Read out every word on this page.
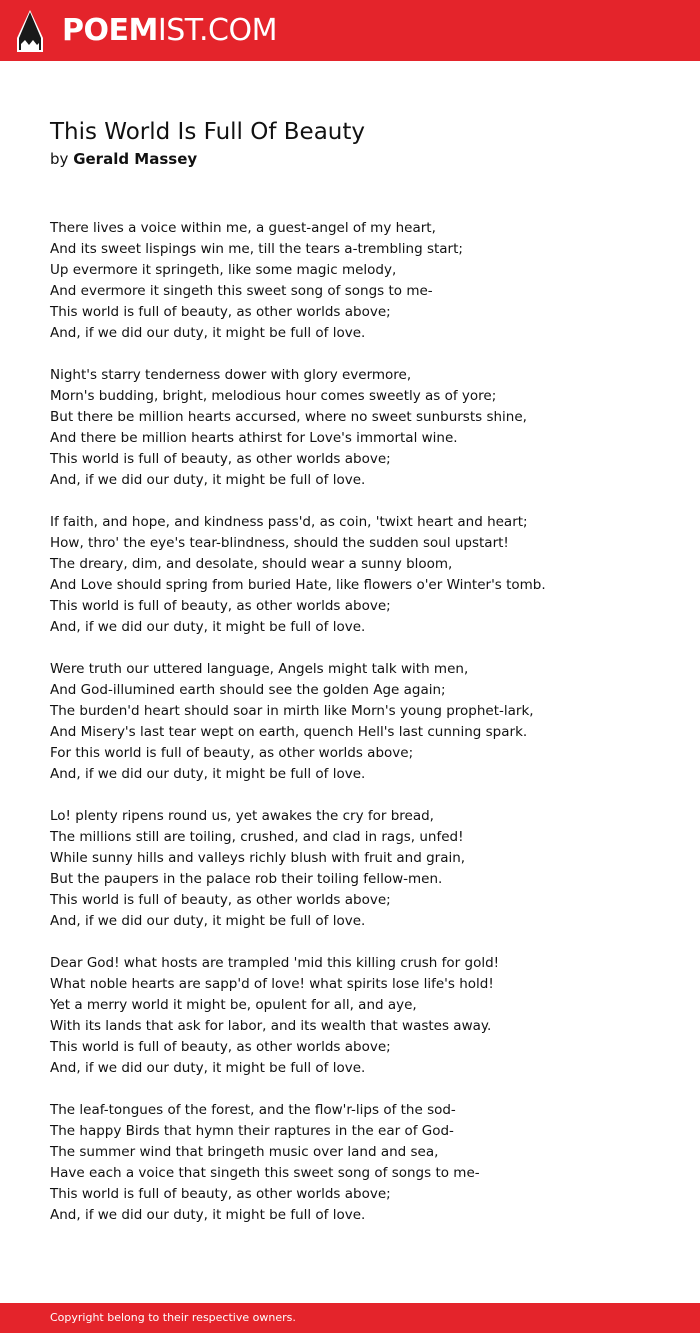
POEMIST.COM
This World Is Full Of Beauty
by Gerald Massey
There lives a voice within me, a guest-angel of my heart,
And its sweet lispings win me, till the tears a-trembling start;
Up evermore it springeth, like some magic melody,
And evermore it singeth this sweet song of songs to me-
This world is full of beauty, as other worlds above;
And, if we did our duty, it might be full of love.
Night's starry tenderness dower with glory evermore,
Morn's budding, bright, melodious hour comes sweetly as of yore;
But there be million hearts accursed, where no sweet sunbursts shine,
And there be million hearts athirst for Love's immortal wine.
This world is full of beauty, as other worlds above;
And, if we did our duty, it might be full of love.
If faith, and hope, and kindness pass'd, as coin, 'twixt heart and heart;
How, thro' the eye's tear-blindness, should the sudden soul upstart!
The dreary, dim, and desolate, should wear a sunny bloom,
And Love should spring from buried Hate, like flowers o'er Winter's tomb.
This world is full of beauty, as other worlds above;
And, if we did our duty, it might be full of love.
Were truth our uttered language, Angels might talk with men,
And God-illumined earth should see the golden Age again;
The burden'd heart should soar in mirth like Morn's young prophet-lark,
And Misery's last tear wept on earth, quench Hell's last cunning spark.
For this world is full of beauty, as other worlds above;
And, if we did our duty, it might be full of love.
Lo! plenty ripens round us, yet awakes the cry for bread,
The millions still are toiling, crushed, and clad in rags, unfed!
While sunny hills and valleys richly blush with fruit and grain,
But the paupers in the palace rob their toiling fellow-men.
This world is full of beauty, as other worlds above;
And, if we did our duty, it might be full of love.
Dear God! what hosts are trampled 'mid this killing crush for gold!
What noble hearts are sapp'd of love! what spirits lose life's hold!
Yet a merry world it might be, opulent for all, and aye,
With its lands that ask for labor, and its wealth that wastes away.
This world is full of beauty, as other worlds above;
And, if we did our duty, it might be full of love.
The leaf-tongues of the forest, and the flow'r-lips of the sod-
The happy Birds that hymn their raptures in the ear of God-
The summer wind that bringeth music over land and sea,
Have each a voice that singeth this sweet song of songs to me-
This world is full of beauty, as other worlds above;
And, if we did our duty, it might be full of love.
Copyright belong to their respective owners.
